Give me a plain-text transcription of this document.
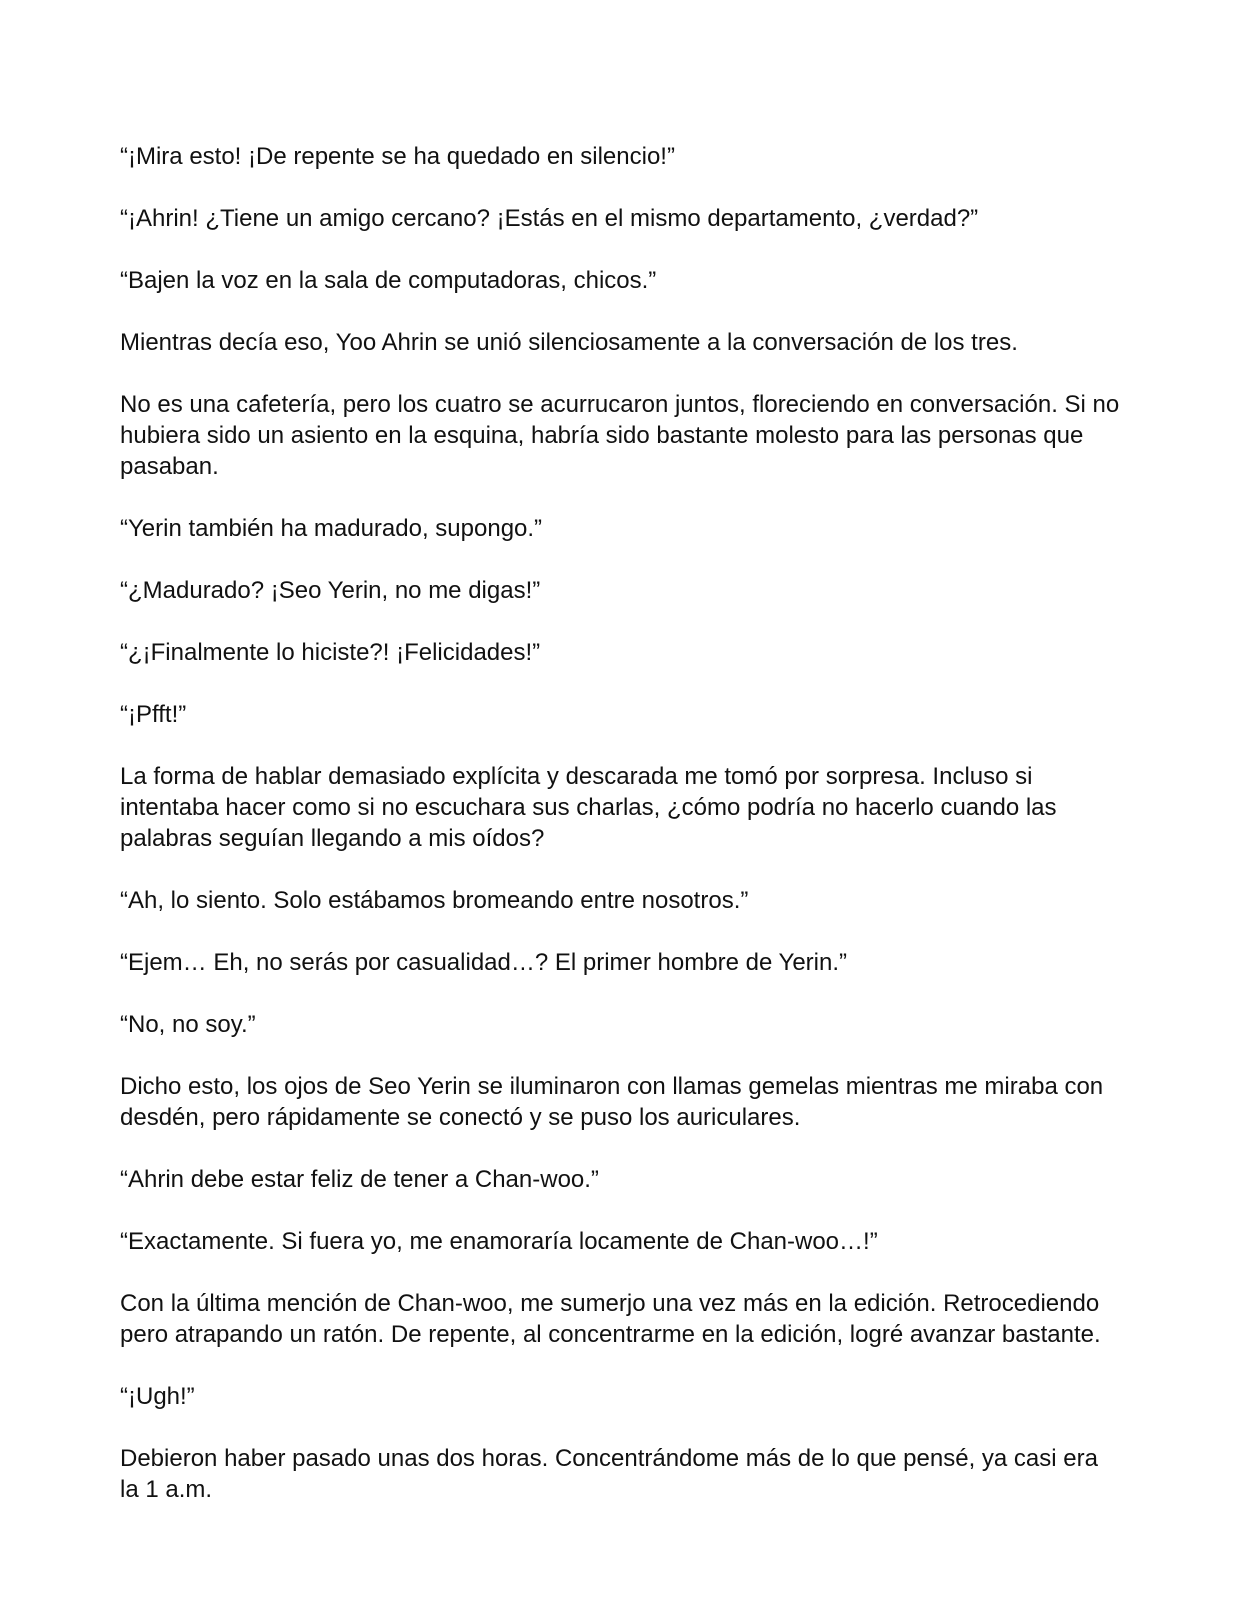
“¡Mira esto! ¡De repente se ha quedado en silencio!”

“¡Ahrin! ¿Tiene un amigo cercano? ¡Estás en el mismo departamento, ¿verdad?”

“Bajen la voz en la sala de computadoras, chicos.”

Mientras decía eso, Yoo Ahrin se unió silenciosamente a la conversación de los tres.

No es una cafetería, pero los cuatro se acurrucaron juntos, floreciendo en conversación. Si no hubiera sido un asiento en la esquina, habría sido bastante molesto para las personas que pasaban.

“Yerin también ha madurado, supongo.”

“¿Madurado? ¡Seo Yerin, no me digas!”

“¿¡Finalmente lo hiciste?! ¡Felicidades!”

“¡Pfft!”

La forma de hablar demasiado explícita y descarada me tomó por sorpresa. Incluso si intentaba hacer como si no escuchara sus charlas, ¿cómo podría no hacerlo cuando las palabras seguían llegando a mis oídos?

“Ah, lo siento. Solo estábamos bromeando entre nosotros.”

“Ejem… Eh, no serás por casualidad…? El primer hombre de Yerin.”

“No, no soy.”

Dicho esto, los ojos de Seo Yerin se iluminaron con llamas gemelas mientras me miraba con desdén, pero rápidamente se conectó y se puso los auriculares.

“Ahrin debe estar feliz de tener a Chan-woo.”

“Exactamente. Si fuera yo, me enamoraría locamente de Chan-woo…!”

Con la última mención de Chan-woo, me sumerjo una vez más en la edición. Retrocediendo pero atrapando un ratón. De repente, al concentrarme en la edición, logré avanzar bastante.

“¡Ugh!”

Debieron haber pasado unas dos horas. Concentrándome más de lo que pensé, ya casi era la 1 a.m.
